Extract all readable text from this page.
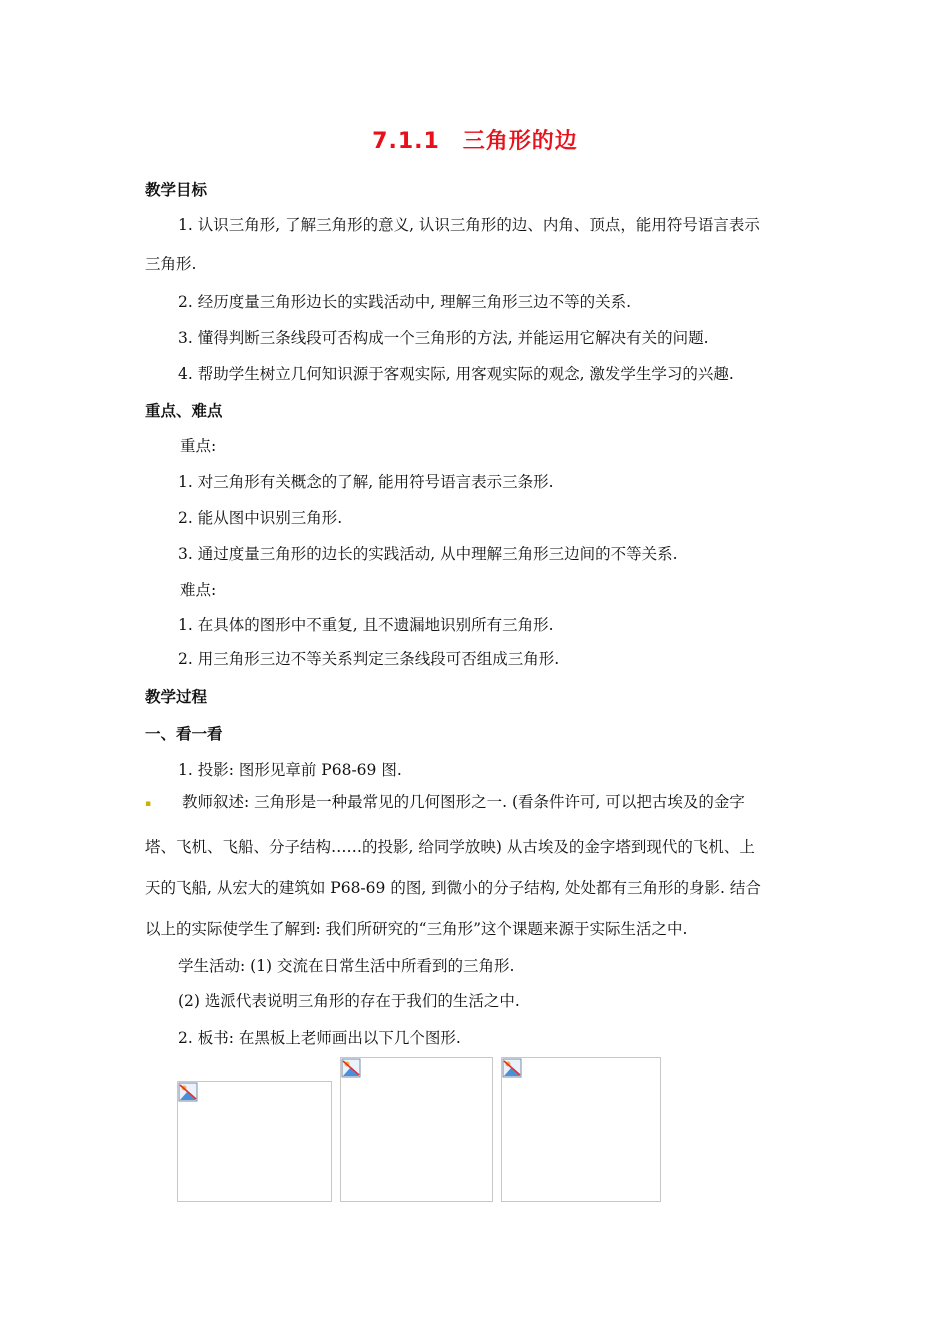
7.1.1　三角形的边
教学目标
1. 认识三角形, 了解三角形的意义, 认识三角形的边、内角、顶点，能用符号语言表示
三角形.
2. 经历度量三角形边长的实践活动中, 理解三角形三边不等的关系.
3. 懂得判断三条线段可否构成一个三角形的方法, 并能运用它解决有关的问题.
4. 帮助学生树立几何知识源于客观实际, 用客观实际的观念, 激发学生学习的兴趣.
重点、难点
重点:
1. 对三角形有关概念的了解, 能用符号语言表示三条形.
2. 能从图中识别三角形.
3. 通过度量三角形的边长的实践活动, 从中理解三角形三边间的不等关系.
难点:
1. 在具体的图形中不重复, 且不遗漏地识别所有三角形.
2. 用三角形三边不等关系判定三条线段可否组成三角形.
教学过程
一、看一看
1. 投影: 图形见章前 P68-69 图.
▪ 教师叙述: 三角形是一种最常见的几何图形之一. (看条件许可, 可以把古埃及的金字
塔、飞机、飞船、分子结构……的投影, 给同学放映) 从古埃及的金字塔到现代的飞机、上
天的飞船, 从宏大的建筑如 P68-69 的图, 到微小的分子结构, 处处都有三角形的身影. 结合
以上的实际使学生了解到: 我们所研究的“三角形”这个课题来源于实际生活之中.
学生活动: (1) 交流在日常生活中所看到的三角形.
(2) 选派代表说明三角形的存在于我们的生活之中.
2. 板书: 在黑板上老师画出以下几个图形.
